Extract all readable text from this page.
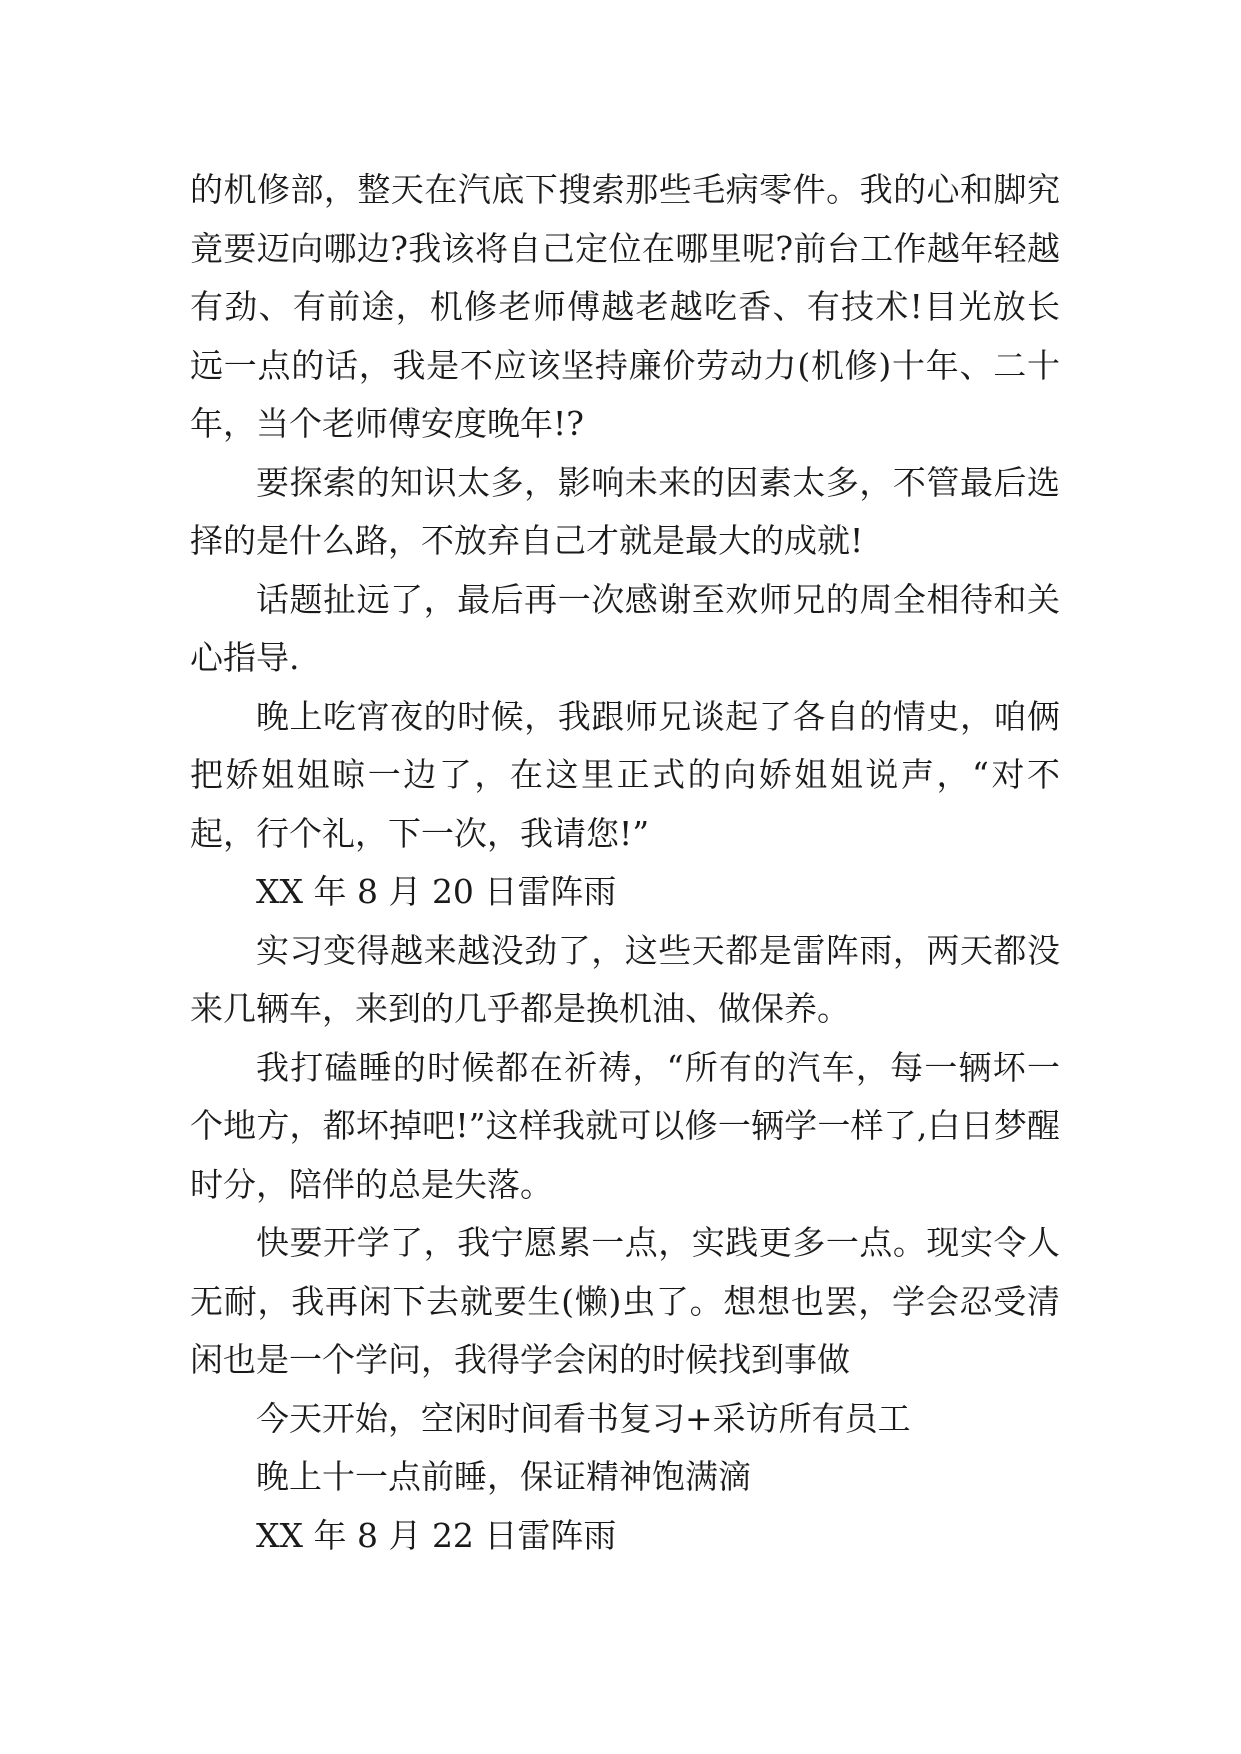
的机修部，整天在汽底下搜索那些毛病零件。我的心和脚究竟要迈向哪边?我该将自己定位在哪里呢?前台工作越年轻越有劲、有前途，机修老师傅越老越吃香、有技术!目光放长远一点的话，我是不应该坚持廉价劳动力(机修)十年、二十年，当个老师傅安度晚年!?

要探索的知识太多，影响未来的因素太多，不管最后选择的是什么路，不放弃自己才就是最大的成就!

话题扯远了，最后再一次感谢至欢师兄的周全相待和关心指导.

晚上吃宵夜的时候，我跟师兄谈起了各自的情史，咱俩把娇姐姐晾一边了，在这里正式的向娇姐姐说声，“对不起，行个礼，下一次，我请您!”

XX 年 8 月 20 日雷阵雨

实习变得越来越没劲了，这些天都是雷阵雨，两天都没来几辆车，来到的几乎都是换机油、做保养。

我打磕睡的时候都在祈祷，“所有的汽车，每一辆坏一个地方，都坏掉吧!”这样我就可以修一辆学一样了,白日梦醒时分，陪伴的总是失落。

快要开学了，我宁愿累一点，实践更多一点。现实令人无耐，我再闲下去就要生(懒)虫了。想想也罢，学会忍受清闲也是一个学问，我得学会闲的时候找到事做

今天开始，空闲时间看书复习+采访所有员工

晚上十一点前睡，保证精神饱满滴

XX 年 8 月 22 日雷阵雨
